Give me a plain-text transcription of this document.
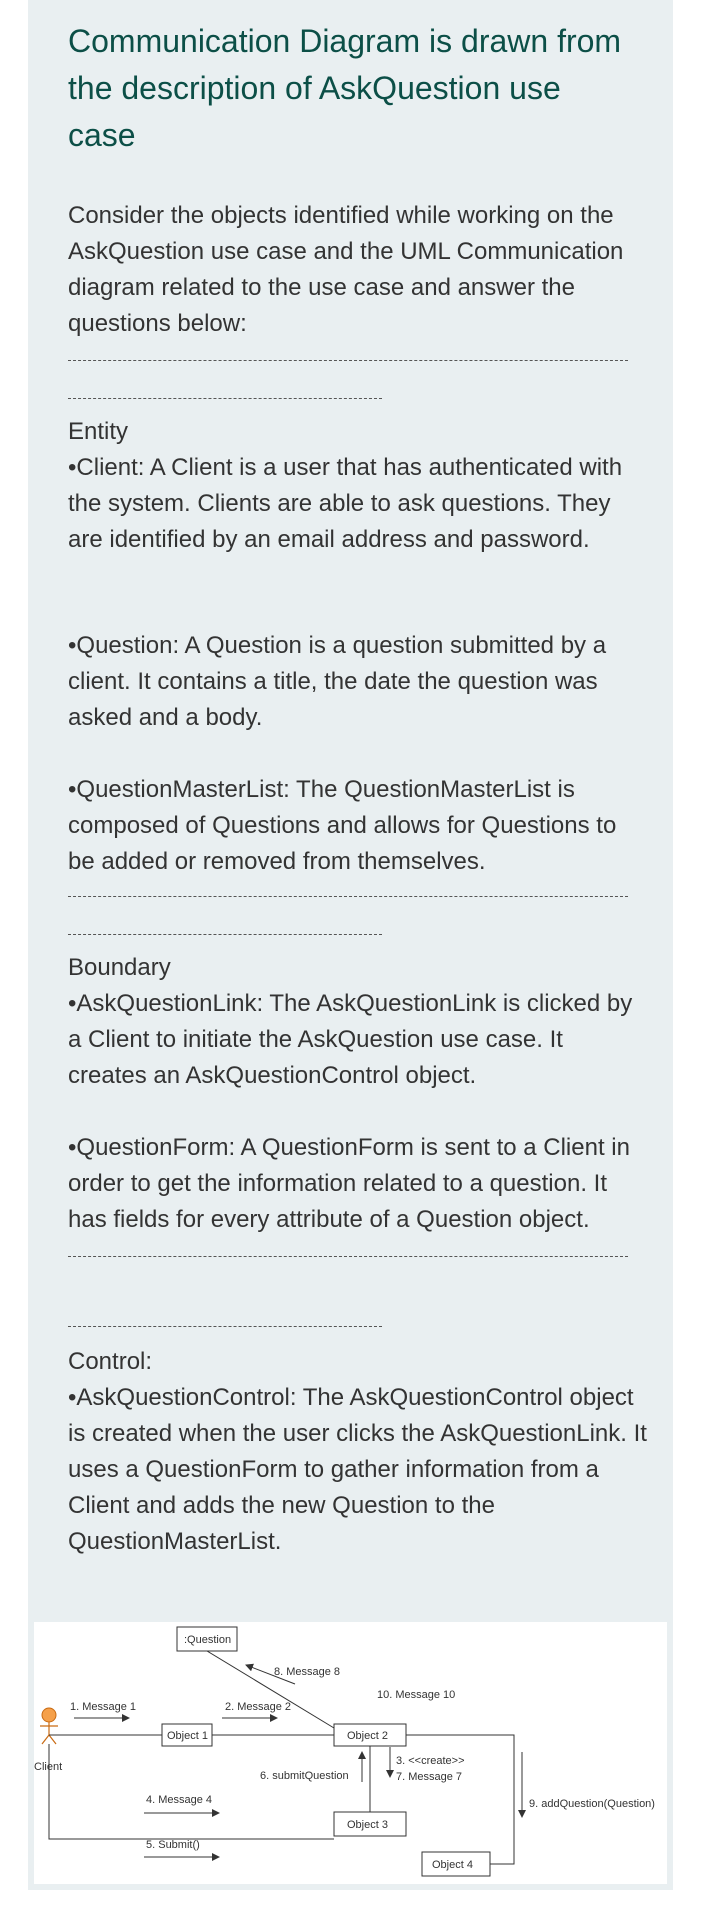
Communication Diagram is drawn from the description of AskQuestion use case

Consider the objects identified while working on the AskQuestion use case and the UML Communication diagram related to the use case and answer the questions below:

Entity

•Client: A Client is a user that has authenticated with the system. Clients are able to ask questions. They are identified by an email address and password.

•Question: A Question is a question submitted by a client. It contains a title, the date the question was asked and a body.

•QuestionMasterList: The QuestionMasterList is composed of Questions and allows for Questions to be added or removed from themselves.

Boundary

•AskQuestionLink: The AskQuestionLink is clicked by a Client to initiate the AskQuestion use case. It creates an AskQuestionControl object.

•QuestionForm: A QuestionForm is sent to a Client in order to get the information related to a question. It has fields for every attribute of a Question object.

Control:

•AskQuestionControl: The AskQuestionControl object is created when the user clicks the AskQuestionLink. It uses a QuestionForm to gather information from a Client and adds the new Question to the QuestionMasterList.

Client
:Question
Object 1	Object 2
Object 3
Object 4
1. Message 1	2. Message 2
8. Message 8
10. Message 10
3. <<create>>
7. Message 7
6. submitQuestion
9. addQuestion(Question)
4. Message 4
5. Submit()
